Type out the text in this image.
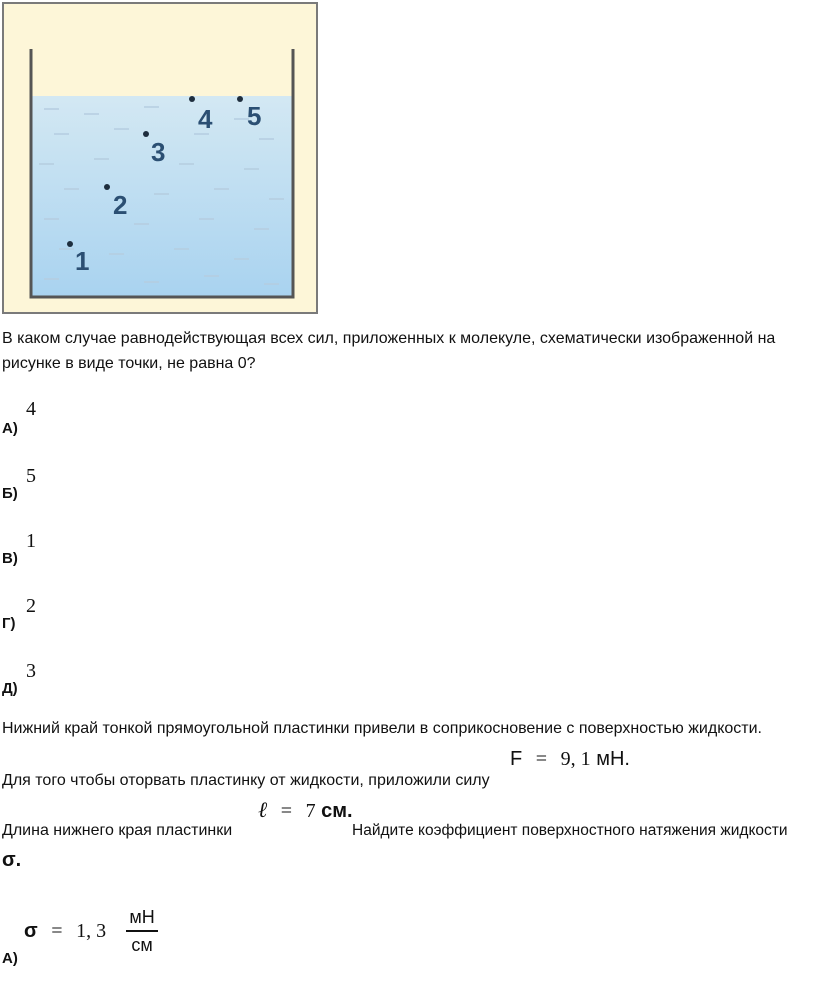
1
2
3
4 5
В каком случае равнодействующая всех сил, приложенных к молекуле, схематически изображенной на рисунке в виде точки, не равна 0?
А)
4
Б)
5
В)
1
Г)
2
Д)
3
Нижний край тонкой прямоугольной пластинки привели в соприкосновение с поверхностью жидкости.
Для того чтобы оторвать пластинку от жидкости, приложили силу
F = 9, 1 мН.
Длина нижнего края пластинки
ℓ = 7 см.
Найдите коэффициент поверхностного натяжения жидкости
σ.
А)
σ = 1, 3
мН
см
